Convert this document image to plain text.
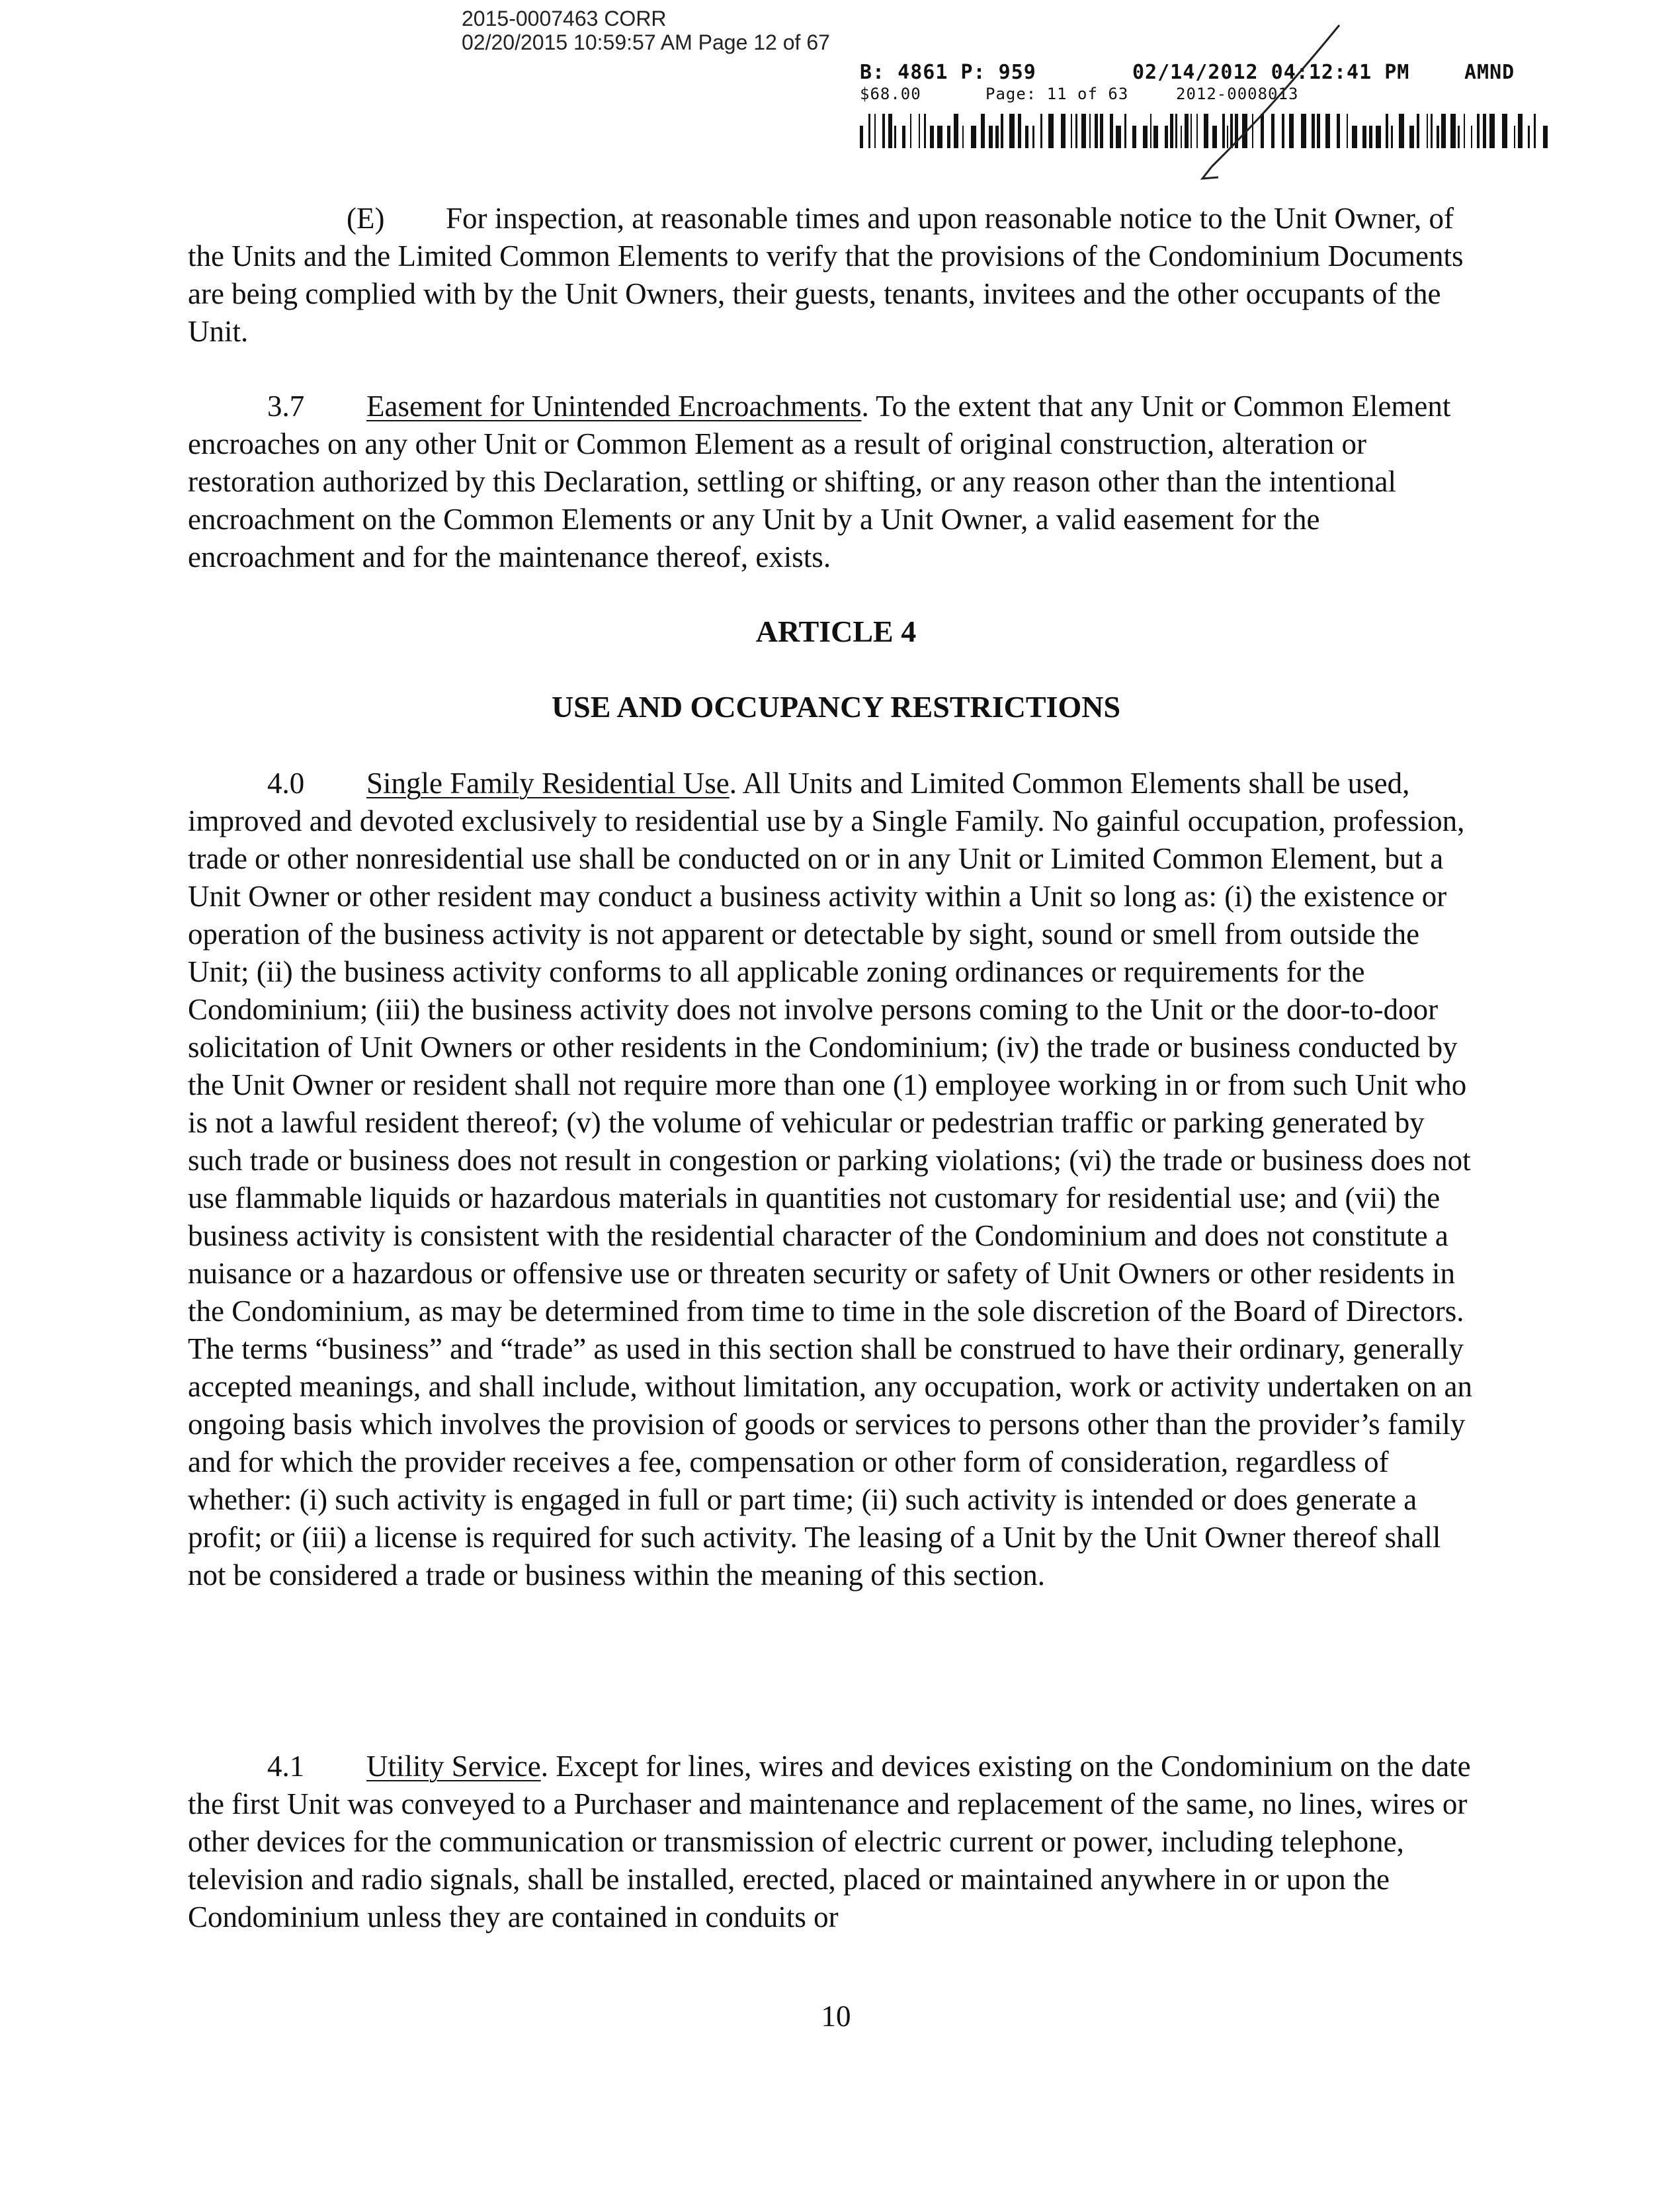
2015-0007463 CORR
02/20/2015 10:59:57 AM Page 12 of 67
B: 4861 P: 959	02/14/2012 04:12:41 PM	AMND
$68.00	Page: 11 of 63	2012-0008013

(E) For inspection, at reasonable times and upon reasonable notice to the Unit Owner, of the Units and the Limited Common Elements to verify that the provisions of the Condominium Documents are being complied with by the Unit Owners, their guests, tenants, invitees and the other occupants of the Unit.

3.7 Easement for Unintended Encroachments. To the extent that any Unit or Common Element encroaches on any other Unit or Common Element as a result of original construction, alteration or restoration authorized by this Declaration, settling or shifting, or any reason other than the intentional encroachment on the Common Elements or any Unit by a Unit Owner, a valid easement for the encroachment and for the maintenance thereof, exists.

ARTICLE 4
USE AND OCCUPANCY RESTRICTIONS

4.0 Single Family Residential Use. All Units and Limited Common Elements shall be used, improved and devoted exclusively to residential use by a Single Family. No gainful occupation, profession, trade or other nonresidential use shall be conducted on or in any Unit or Limited Common Element, but a Unit Owner or other resident may conduct a business activity within a Unit so long as: (i) the existence or operation of the business activity is not apparent or detectable by sight, sound or smell from outside the Unit; (ii) the business activity conforms to all applicable zoning ordinances or requirements for the Condominium; (iii) the business activity does not involve persons coming to the Unit or the door-to-door solicitation of Unit Owners or other residents in the Condominium; (iv) the trade or business conducted by the Unit Owner or resident shall not require more than one (1) employee working in or from such Unit who is not a lawful resident thereof; (v) the volume of vehicular or pedestrian traffic or parking generated by such trade or business does not result in congestion or parking violations; (vi) the trade or business does not use flammable liquids or hazardous materials in quantities not customary for residential use; and (vii) the business activity is consistent with the residential character of the Condominium and does not constitute a nuisance or a hazardous or offensive use or threaten security or safety of Unit Owners or other residents in the Condominium, as may be determined from time to time in the sole discretion of the Board of Directors. The terms “business” and “trade” as used in this section shall be construed to have their ordinary, generally accepted meanings, and shall include, without limitation, any occupation, work or activity undertaken on an ongoing basis which involves the provision of goods or services to persons other than the provider’s family and for which the provider receives a fee, compensation or other form of consideration, regardless of whether: (i) such activity is engaged in full or part time; (ii) such activity is intended or does generate a profit; or (iii) a license is required for such activity. The leasing of a Unit by the Unit Owner thereof shall not be considered a trade or business within the meaning of this section.

4.1 Utility Service. Except for lines, wires and devices existing on the Condominium on the date the first Unit was conveyed to a Purchaser and maintenance and replacement of the same, no lines, wires or other devices for the communication or transmission of electric current or power, including telephone, television and radio signals, shall be installed, erected, placed or maintained anywhere in or upon the Condominium unless they are contained in conduits or

10
